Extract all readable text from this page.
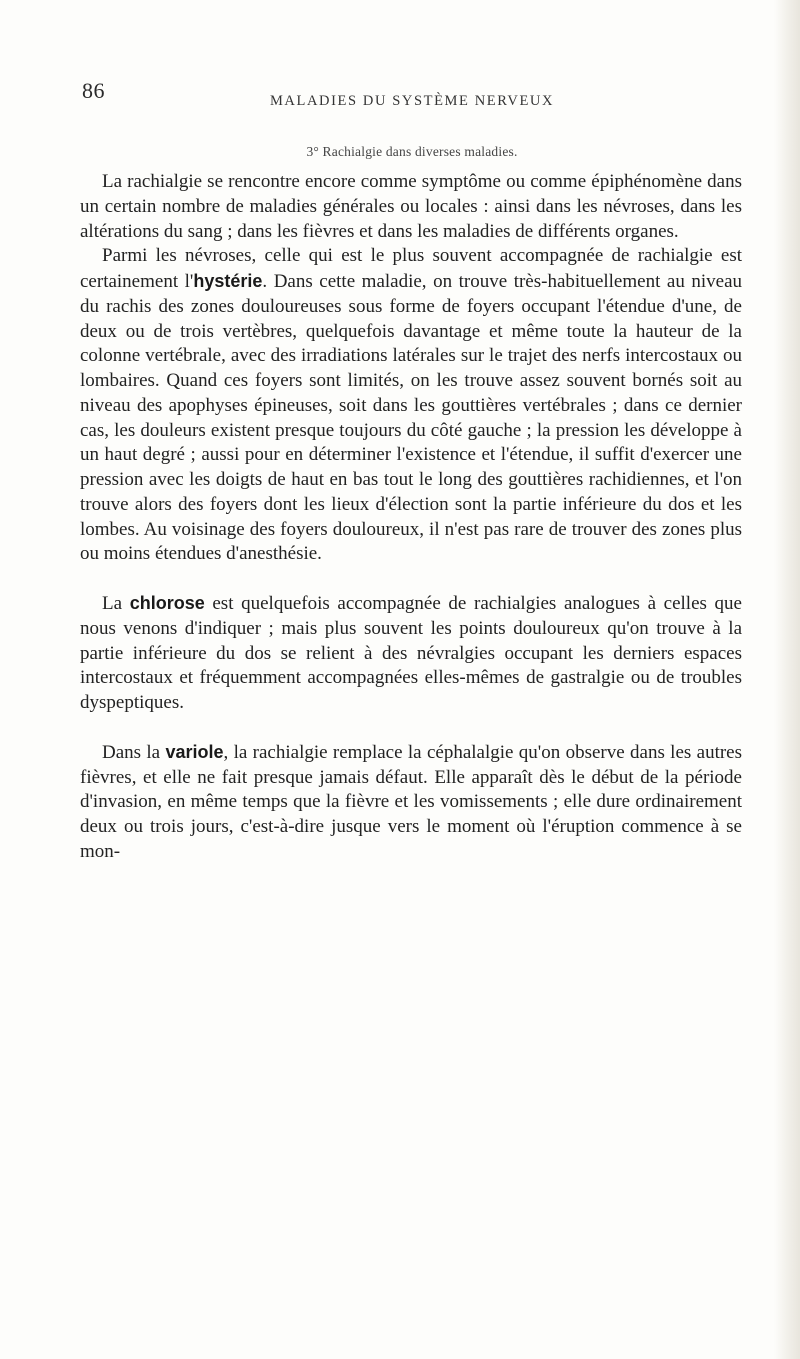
86	MALADIES DU SYSTÈME NERVEUX
3° Rachialgie dans diverses maladies.

La rachialgie se rencontre encore comme symptôme ou comme épiphénomène dans un certain nombre de maladies générales ou locales : ainsi dans les névroses, dans les altérations du sang ; dans les fièvres et dans les maladies de différents organes.

Parmi les névroses, celle qui est le plus souvent accompagnée de rachialgie est certainement l'hystérie. Dans cette maladie, on trouve très-habituellement au niveau du rachis des zones douloureuses sous forme de foyers occupant l'étendue d'une, de deux ou de trois vertèbres, quelquefois davantage et même toute la hauteur de la colonne vertébrale, avec des irradiations latérales sur le trajet des nerfs intercostaux ou lombaires. Quand ces foyers sont limités, on les trouve assez souvent bornés soit au niveau des apophyses épineuses, soit dans les gouttières vertébrales ; dans ce dernier cas, les douleurs existent presque toujours du côté gauche ; la pression les développe à un haut degré ; aussi pour en déterminer l'existence et l'étendue, il suffit d'exercer une pression avec les doigts de haut en bas tout le long des gouttières rachidiennes, et l'on trouve alors des foyers dont les lieux d'élection sont la partie inférieure du dos et les lombes. Au voisinage des foyers douloureux, il n'est pas rare de trouver des zones plus ou moins étendues d'anesthésie.

La chlorose est quelquefois accompagnée de rachialgies analogues à celles que nous venons d'indiquer ; mais plus souvent les points douloureux qu'on trouve à la partie inférieure du dos se relient à des névralgies occupant les derniers espaces intercostaux et fréquemment accompagnées elles-mêmes de gastralgie ou de troubles dyspeptiques.

Dans la variole, la rachialgie remplace la céphalalgie qu'on observe dans les autres fièvres, et elle ne fait presque jamais défaut. Elle apparaît dès le début de la période d'invasion, en même temps que la fièvre et les vomissements ; elle dure ordinairement deux ou trois jours, c'est-à-dire jusque vers le moment où l'éruption commence à se mon-
